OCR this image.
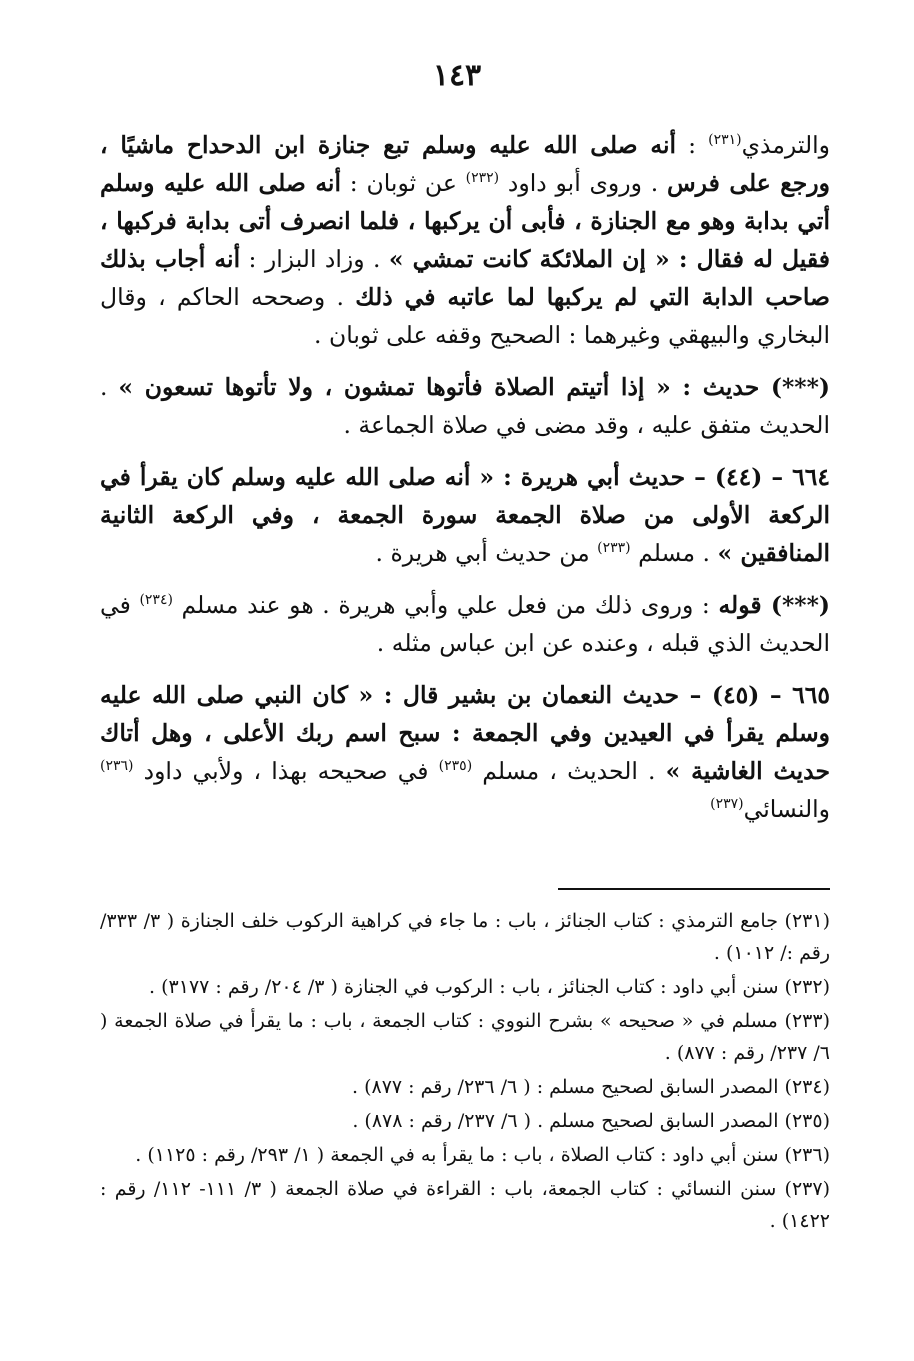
١٤٣

والترمذي$^{(٢٣١)}$ : أنه صلى الله عليه وسلم تبع جنازة ابن الدحداح ماشيًا ، ورجع على فرس . وروى أبو داود $^{(٢٣٢)}$ عن ثوبان : أنه صلى الله عليه وسلم أتي بدابة وهو مع الجنازة ، فأبى أن يركبها ، فلما انصرف أتى بدابة فركبها ، فقيل له فقال : « إن الملائكة كانت تمشي » . وزاد البزار : أنه أجاب بذلك صاحب الدابة التي لم يركبها لما عاتبه في ذلك . وصححه الحاكم ، وقال البخاري والبيهقي وغيرهما : الصحيح وقفه على ثوبان .

(***) حديث : « إذا أتيتم الصلاة فأتوها تمشون ، ولا تأتوها تسعون » . الحديث متفق عليه ، وقد مضى في صلاة الجماعة .

٦٦٤ – (٤٤) – حديث أبي هريرة : « أنه صلى الله عليه وسلم كان يقرأ في الركعة الأولى من صلاة الجمعة سورة الجمعة ، وفي الركعة الثانية المنافقين » . مسلم $^{(٢٣٣)}$ من حديث أبي هريرة .

(***) قوله : وروى ذلك من فعل علي وأبي هريرة . هو عند مسلم $^{(٢٣٤)}$ في الحديث الذي قبله ، وعنده عن ابن عباس مثله .

٦٦٥ – (٤٥) – حديث النعمان بن بشير قال : « كان النبي صلى الله عليه وسلم يقرأ في العيدين وفي الجمعة : سبح اسم ربك الأعلى ، وهل أتاك حديث الغاشية » . الحديث ، مسلم $^{(٢٣٥)}$ في صحيحه بهذا ، ولأبي داود $^{(٢٣٦)}$ والنسائي$^{(٢٣٧)}$

(٢٣١) جامع الترمذي : كتاب الجنائز ، باب : ما جاء في كراهية الركوب خلف الجنازة ( ٣/ ٣٣٣/ رقم :/ ١٠١٢) .

(٢٣٢) سنن أبي داود : كتاب الجنائز ، باب : الركوب في الجنازة ( ٣/ ٢٠٤/ رقم : ٣١٧٧) .

(٢٣٣) مسلم في « صحيحه » بشرح النووي : كتاب الجمعة ، باب : ما يقرأ في صلاة الجمعة ( ٦/ ٢٣٧/ رقم : ٨٧٧) .

(٢٣٤) المصدر السابق لصحيح مسلم : ( ٦/ ٢٣٦/ رقم : ٨٧٧) .

(٢٣٥) المصدر السابق لصحيح مسلم . ( ٦/ ٢٣٧/ رقم : ٨٧٨) .

(٢٣٦) سنن أبي داود : كتاب الصلاة ، باب : ما يقرأ به في الجمعة ( ١/ ٢٩٣/ رقم : ١١٢٥) .

(٢٣٧) سنن النسائي : كتاب الجمعة، باب : القراءة في صلاة الجمعة ( ٣/ ١١١- ١١٢/ رقم : ١٤٢٢) .
